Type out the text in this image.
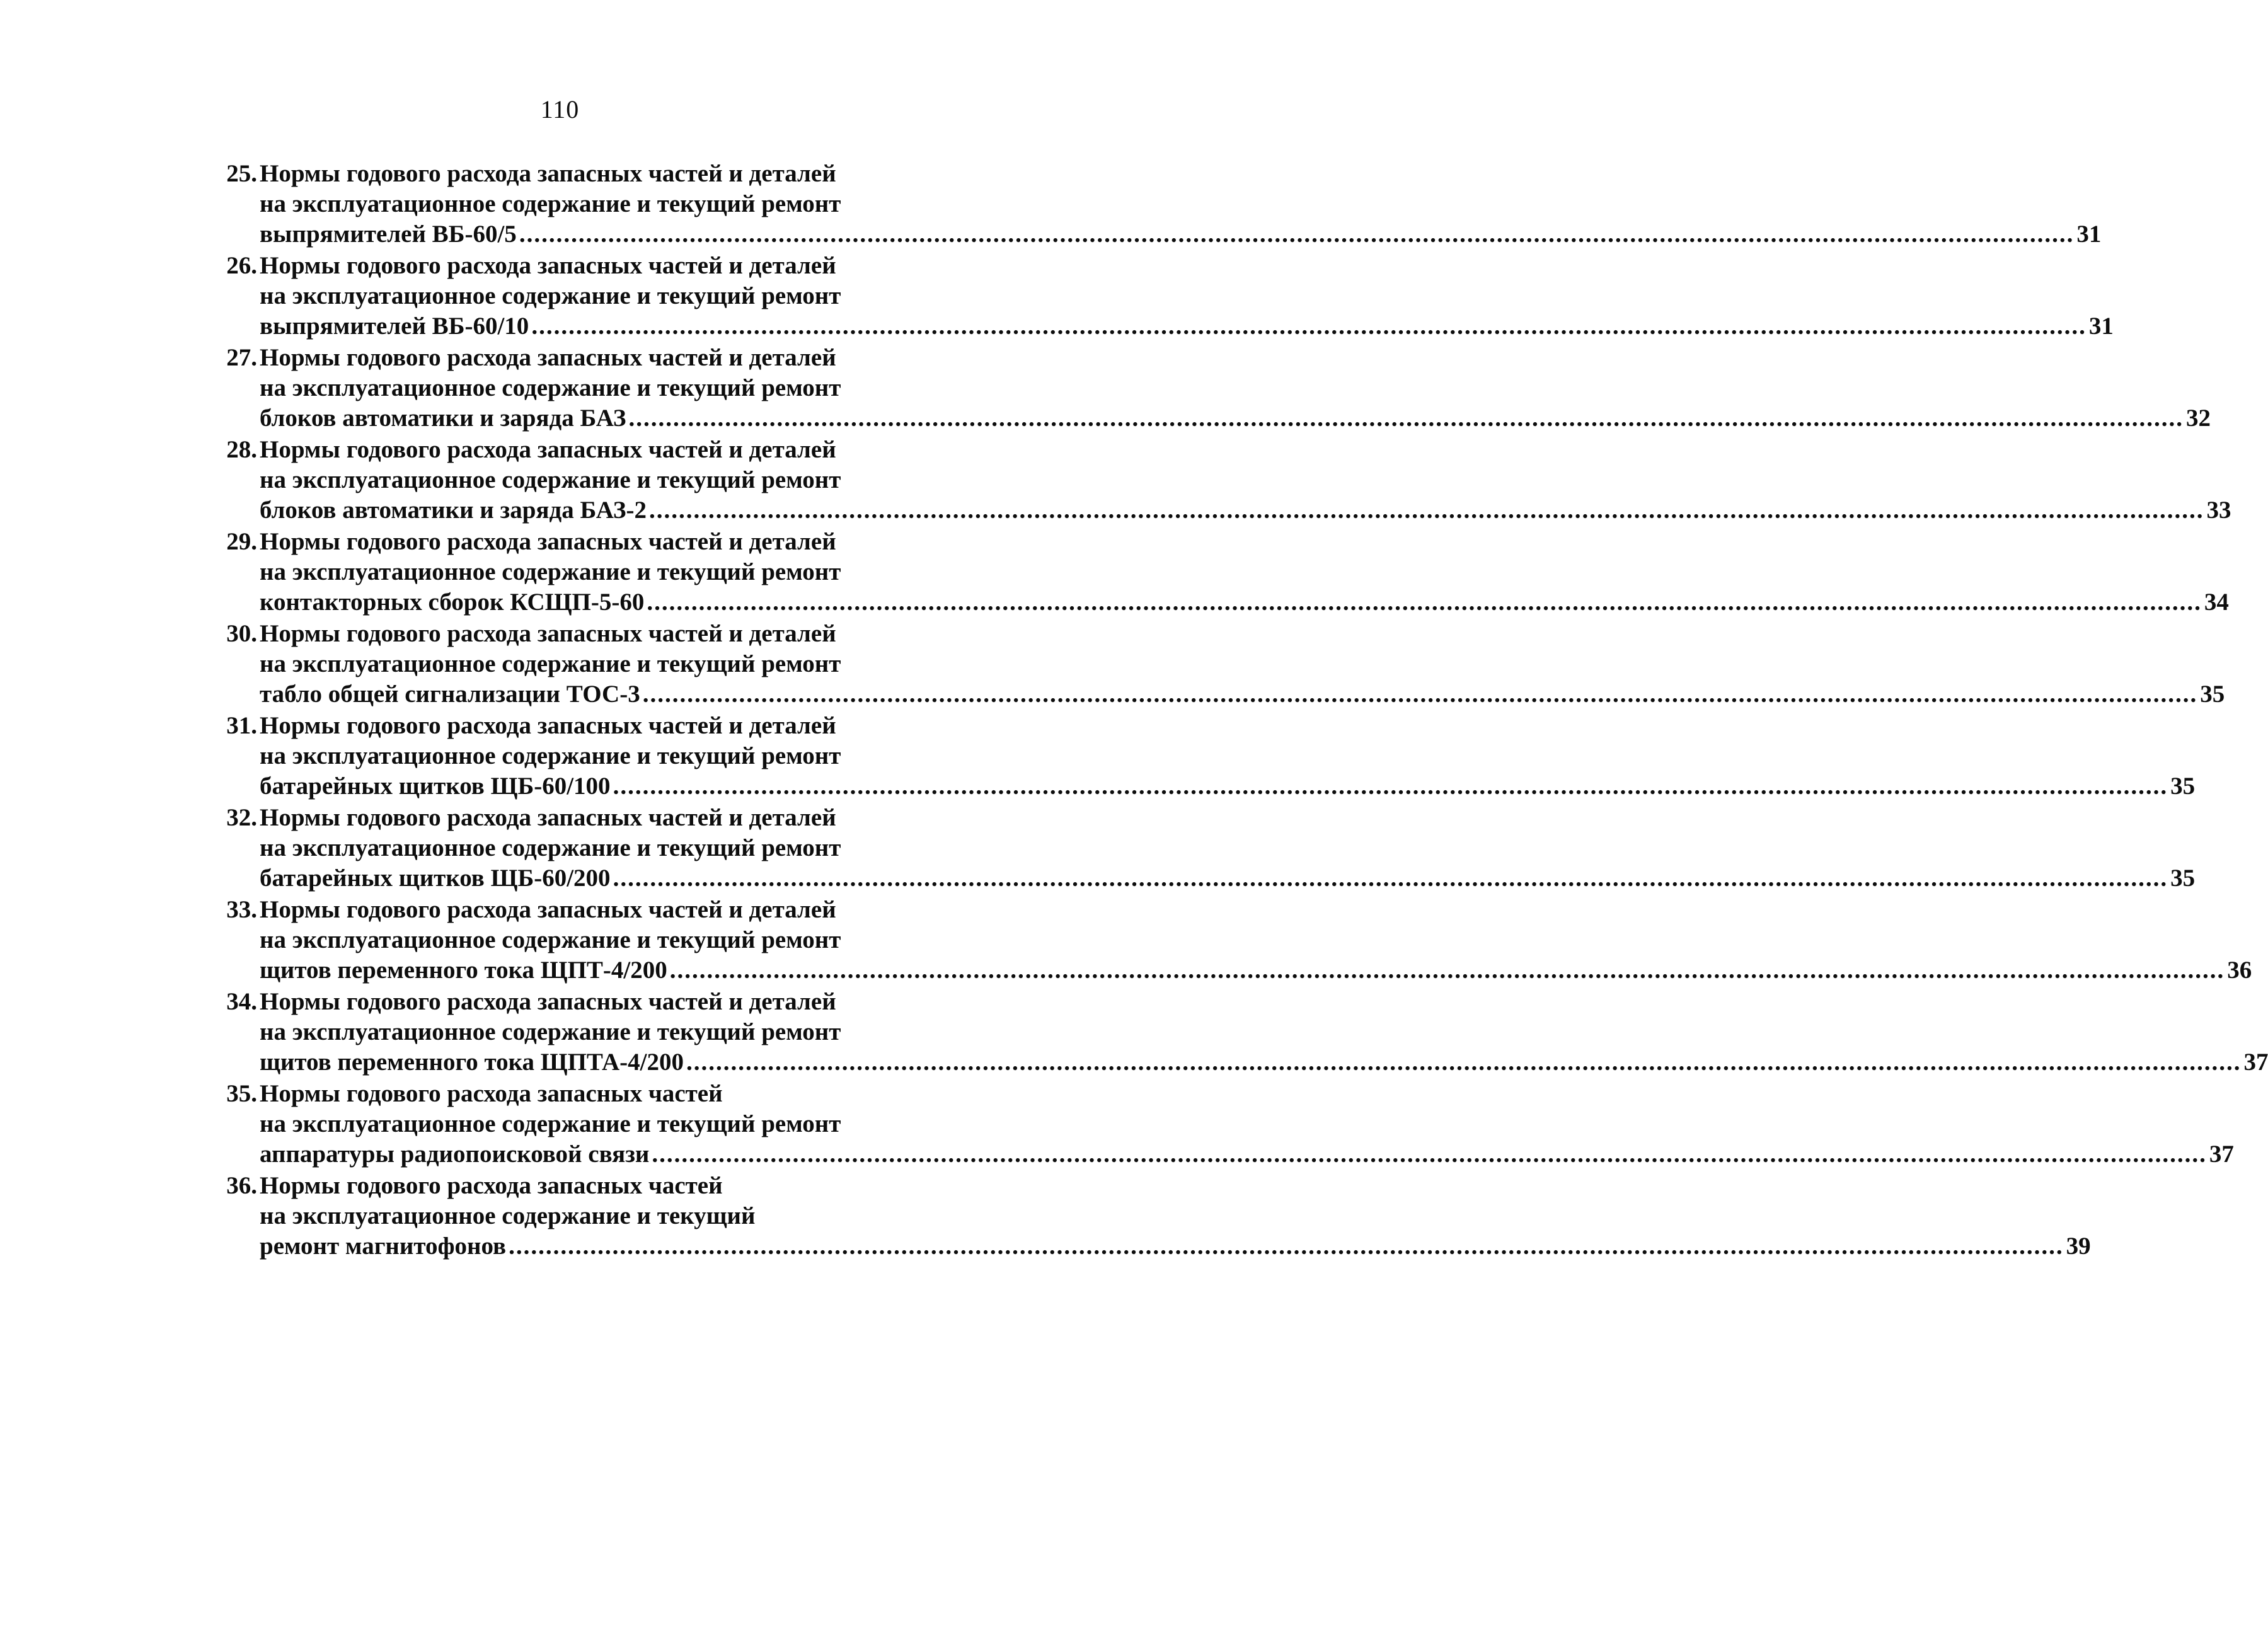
110
25. Нормы годового расхода запасных частей и деталей
на эксплуатационное содержание и текущий ремонт
выпрямителей ВБ-60/5 .....	31
26. Нормы годового расхода запасных частей и деталей
на эксплуатационное содержание и текущий ремонт
выпрямителей ВБ-60/10 .....	31
27. Нормы годового расхода запасных частей и деталей
на эксплуатационное содержание и текущий ремонт
блоков автоматики и заряда БАЗ .....	32
28. Нормы годового расхода запасных частей и деталей
на эксплуатационное содержание и текущий ремонт
блоков автоматики и заряда БАЗ-2 .....	33
29. Нормы годового расхода запасных частей и деталей
на эксплуатационное содержание и текущий ремонт
контакторных сборок КСЩП-5-60 .....	34
30. Нормы годового расхода запасных частей и деталей
на эксплуатационное содержание и текущий ремонт
табло общей сигнализации ТОС-3 .....	35
31. Нормы годового расхода запасных частей и деталей
на эксплуатационное содержание и текущий ремонт
батарейных щитков ЩБ-60/100 .....	35
32. Нормы годового расхода запасных частей и деталей
на эксплуатационное содержание и текущий ремонт
батарейных щитков ЩБ-60/200 .....	35
33. Нормы годового расхода запасных частей и деталей
на эксплуатационное содержание и текущий ремонт
щитов переменного тока ЩПТ-4/200 .....	36
34. Нормы годового расхода запасных частей и деталей
на эксплуатационное содержание и текущий ремонт
щитов переменного тока ЩПТА-4/200 .....	37
35. Нормы годового расхода запасных частей
на эксплуатационное содержание и текущий ремонт
аппаратуры радиопоисковой связи .....	37
36. Нормы годового расхода запасных частей
на эксплуатационное содержание и текущий
ремонт магнитофонов .....	39
